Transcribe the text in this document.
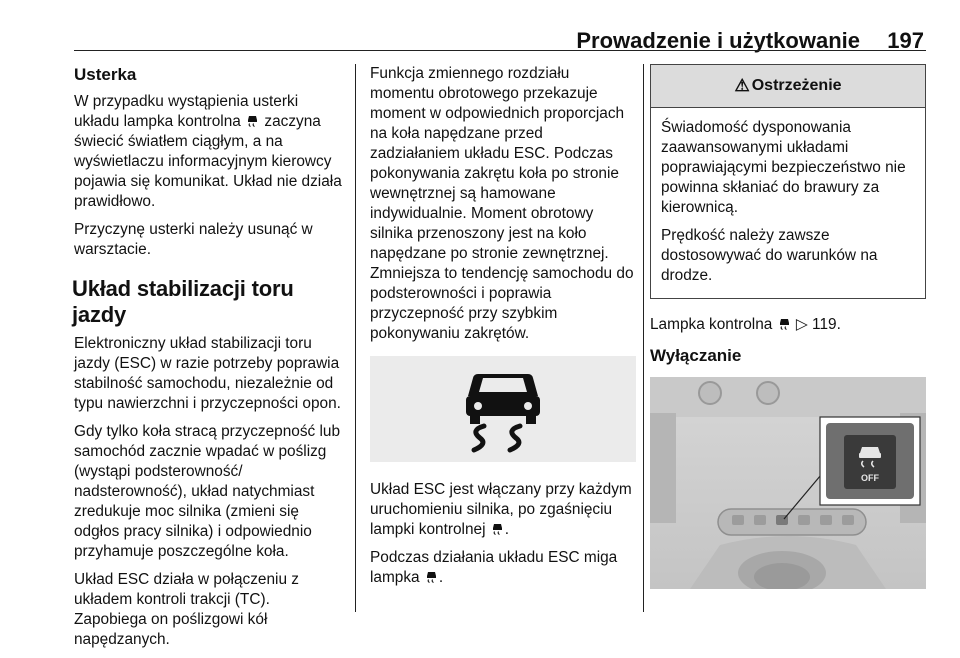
Prowadzenie i użytkowanie	197
Usterka

W przypadku wystąpienia usterki układu lampka kontrolna zaczyna świecić światłem ciągłym, a na wyświetlaczu informacyjnym kierowcy pojawia się komunikat. Układ nie działa prawidłowo.

Przyczynę usterki należy usunąć w warsztacie.

Układ stabilizacji toru jazdy

Elektroniczny układ stabilizacji toru jazdy (ESC) w razie potrzeby poprawia stabilność samochodu, niezależnie od typu nawierzchni i przyczepności opon.

Gdy tylko koła stracą przyczepność lub samochód zacznie wpadać w poślizg (wystąpi podsterowność/ nadsterowność), układ natychmiast zredukuje moc silnika (zmieni się odgłos pracy silnika) i odpowiednio przyhamuje poszczególne koła.

Układ ESC działa w połączeniu z układem kontroli trakcji (TC). Zapobiega on poślizgowi kół napędzanych.

Funkcja zmiennego rozdziału momentu obrotowego przekazuje moment w odpowiednich proporcjach na koła napędzane przed zadziałaniem układu ESC. Podczas pokonywania zakrętu koła po stronie wewnętrznej są hamowane indywidualnie. Moment obrotowy silnika przenoszony jest na koło napędzane po stronie zewnętrznej. Zmniejsza to tendencję samochodu do podsterowności i poprawia przyczepność przy szybkim pokonywaniu zakrętów.

Układ ESC jest włączany przy każdym uruchomieniu silnika, po zgaśnięciu lampki kontrolnej .

Podczas działania układu ESC miga lampka .

⚠ Ostrzeżenie

Świadomość dysponowania zaawansowanymi układami poprawiającymi bezpieczeństwo nie powinna skłaniać do brawury za kierownicą.

Prędkość należy zawsze dostosowywać do warunków na drodze.

Lampka kontrolna ▷ 119.

Wyłączanie
OFF
